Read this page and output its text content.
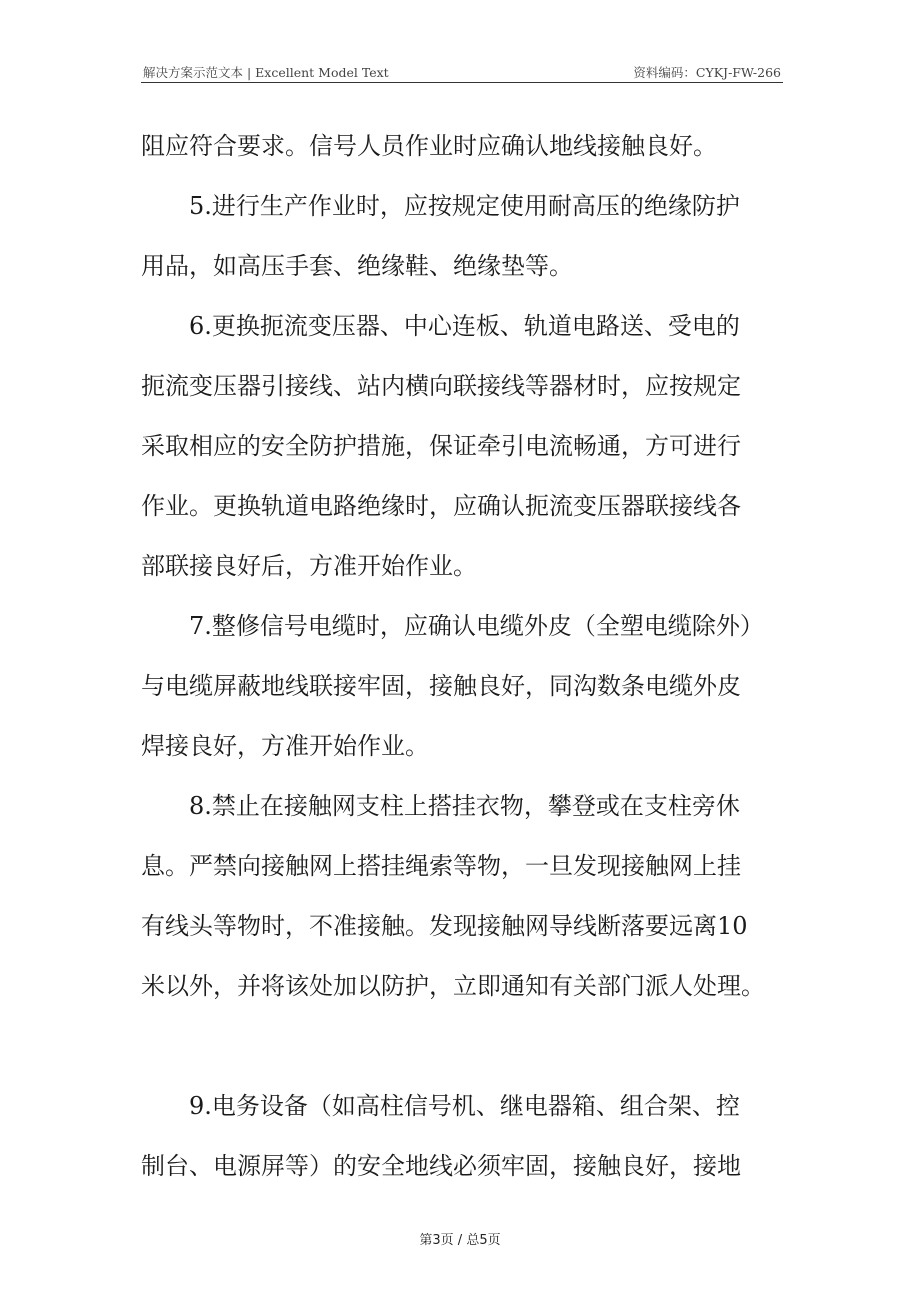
解决方案示范文本 | Excellent Model Text	资料编码：CYKJ-FW-266
阻应符合要求。信号人员作业时应确认地线接触良好。
　　5.进行生产作业时，应按规定使用耐高压的绝缘防护
用品，如高压手套、绝缘鞋、绝缘垫等。
　　6.更换扼流变压器、中心连板、轨道电路送、受电的
扼流变压器引接线、站内横向联接线等器材时，应按规定
采取相应的安全防护措施，保证牵引电流畅通，方可进行
作业。更换轨道电路绝缘时，应确认扼流变压器联接线各
部联接良好后，方准开始作业。
　　7.整修信号电缆时，应确认电缆外皮（全塑电缆除外）
与电缆屏蔽地线联接牢固，接触良好，同沟数条电缆外皮
焊接良好，方准开始作业。
　　8.禁止在接触网支柱上搭挂衣物，攀登或在支柱旁休
息。严禁向接触网上搭挂绳索等物，一旦发现接触网上挂
有线头等物时，不准接触。发现接触网导线断落要远离10
米以外，并将该处加以防护，立即通知有关部门派人处理。
　　9.电务设备（如高柱信号机、继电器箱、组合架、控
制台、电源屏等）的安全地线必须牢固，接触良好，接地
第3页 / 总5页
